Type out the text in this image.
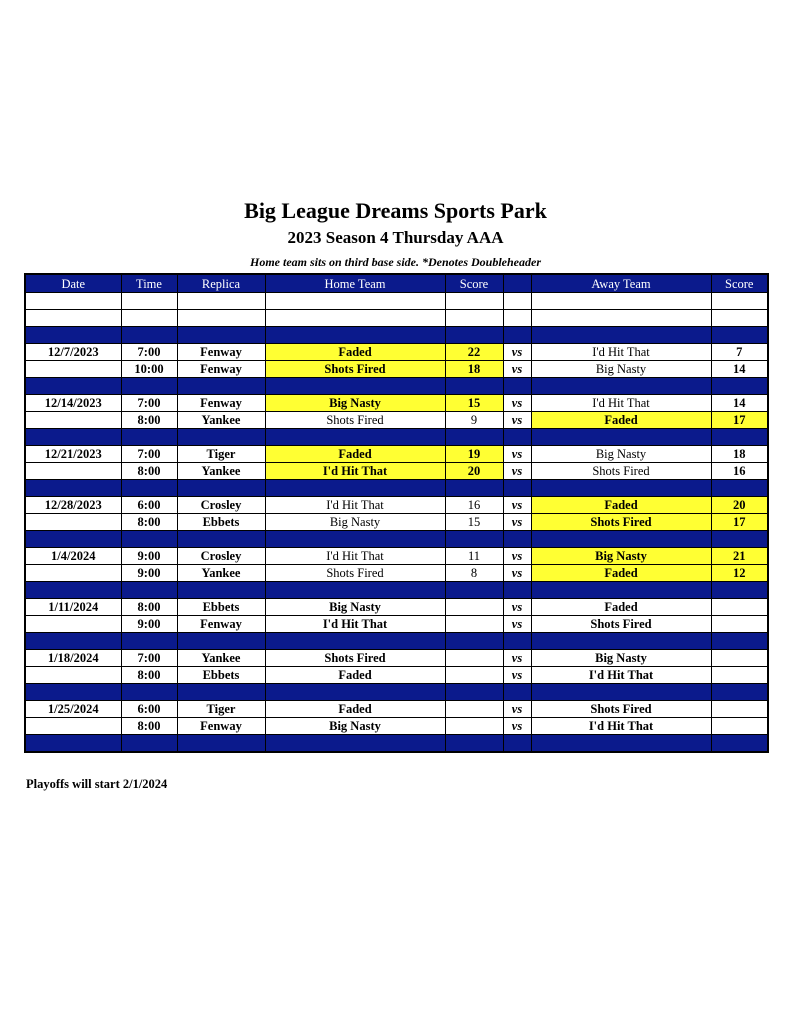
Big League Dreams Sports Park
2023 Season 4 Thursday AAA
Home team sits on third base side. *Denotes Doubleheader
Date	Time	Replica	Home Team	Score		Away Team	Score

12/7/2023	7:00	Fenway	Faded	22	vs	I'd Hit That	7
	10:00	Fenway	Shots Fired	18	vs	Big Nasty	14

12/14/2023	7:00	Fenway	Big Nasty	15	vs	I'd Hit That	14
	8:00	Yankee	Shots Fired	9	vs	Faded	17

12/21/2023	7:00	Tiger	Faded	19	vs	Big Nasty	18
	8:00	Yankee	I'd Hit That	20	vs	Shots Fired	16

12/28/2023	6:00	Crosley	I'd Hit That	16	vs	Faded	20
	8:00	Ebbets	Big Nasty	15	vs	Shots Fired	17

1/4/2024	9:00	Crosley	I'd Hit That	11	vs	Big Nasty	21
	9:00	Yankee	Shots Fired	8	vs	Faded	12

1/11/2024	8:00	Ebbets	Big Nasty		vs	Faded	
	9:00	Fenway	I'd Hit That		vs	Shots Fired	

1/18/2024	7:00	Yankee	Shots Fired		vs	Big Nasty	
	8:00	Ebbets	Faded		vs	I'd Hit That	

1/25/2024	6:00	Tiger	Faded		vs	Shots Fired	
	8:00	Fenway	Big Nasty		vs	I'd Hit That	

Playoffs will start 2/1/2024
